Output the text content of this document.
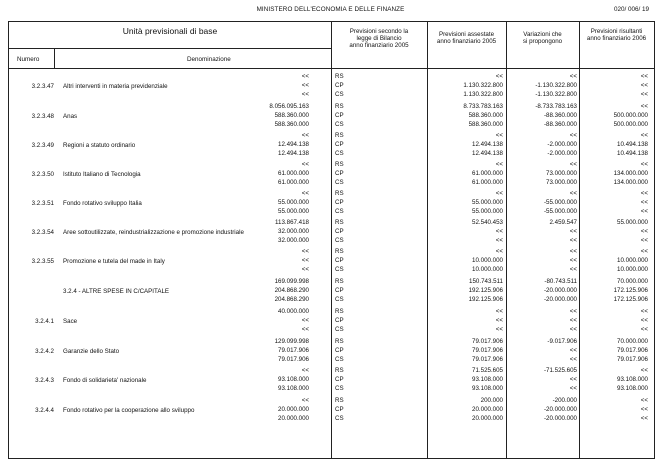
MINISTERO DELL'ECONOMIA E DELLE FINANZE	020/ 006/ 19
Unità previsionali di base
Numero	Denominazione
Previsioni secondo la
legge di Bilancio
anno finanziario 2005
Previsioni assestate
anno finanziario 2005
Variazioni che
si propongono
Previsioni risultanti
anno finanziario 2006
3.2.3.47 Altri interventi in materia previdenziale
RS
CP
CS
<<
<<
<<
<<
1.130.322.800
1.130.322.800
<<
-1.130.322.800
-1.130.322.800
<<
<<
<<
3.2.3.48 Anas
RS
CP
CS
8.056.095.163
588.360.000
588.360.000
8.733.783.163
588.360.000
588.360.000
-8.733.783.163
-88.360.000
-88.360.000
<<
500.000.000
500.000.000
3.2.3.49 Regioni a statuto ordinario
RS
CP
CS
<<
12.494.138
12.494.138
<<
12.494.138
12.494.138
<<
-2.000.000
-2.000.000
<<
10.494.138
10.494.138
3.2.3.50 Istituto Italiano di Tecnologia
RS
CP
CS
<<
61.000.000
61.000.000
<<
61.000.000
61.000.000
<<
73.000.000
73.000.000
<<
134.000.000
134.000.000
3.2.3.51 Fondo rotativo sviluppo Italia
RS
CP
CS
<<
55.000.000
55.000.000
<<
55.000.000
55.000.000
<<
-55.000.000
-55.000.000
<<
<<
<<
3.2.3.54 Aree sottoutilizzate, reindustrializzazione e promozione industriale
RS
CP
CS
113.867.418
32.000.000
32.000.000
52.540.453
<<
<<
2.459.547
<<
<<
55.000.000
<<
<<
3.2.3.55 Promozione e tutela del made in Italy
RS
CP
CS
<<
<<
<<
<<
10.000.000
10.000.000
<<
<<
<<
<<
10.000.000
10.000.000
3.2.4 - ALTRE SPESE IN C/CAPITALE
RS
CP
CS
169.099.998
204.868.290
204.868.290
150.743.511
192.125.906
192.125.906
-80.743.511
-20.000.000
-20.000.000
70.000.000
172.125.906
172.125.906
3.2.4.1 Sace
RS
CP
CS
40.000.000
<<
<<
<<
<<
<<
<<
<<
<<
<<
<<
<<
3.2.4.2 Garanzie dello Stato
RS
CP
CS
129.099.998
79.017.906
79.017.906
79.017.906
79.017.906
79.017.906
-9.017.906
<<
<<
70.000.000
79.017.906
79.017.906
3.2.4.3 Fondo di solidarieta' nazionale
RS
CP
CS
<<
93.108.000
93.108.000
71.525.605
93.108.000
93.108.000
-71.525.605
<<
<<
<<
93.108.000
93.108.000
3.2.4.4 Fondo rotativo per la cooperazione allo sviluppo
RS
CP
CS
<<
20.000.000
20.000.000
200.000
20.000.000
20.000.000
-200.000
-20.000.000
-20.000.000
<<
<<
<<
